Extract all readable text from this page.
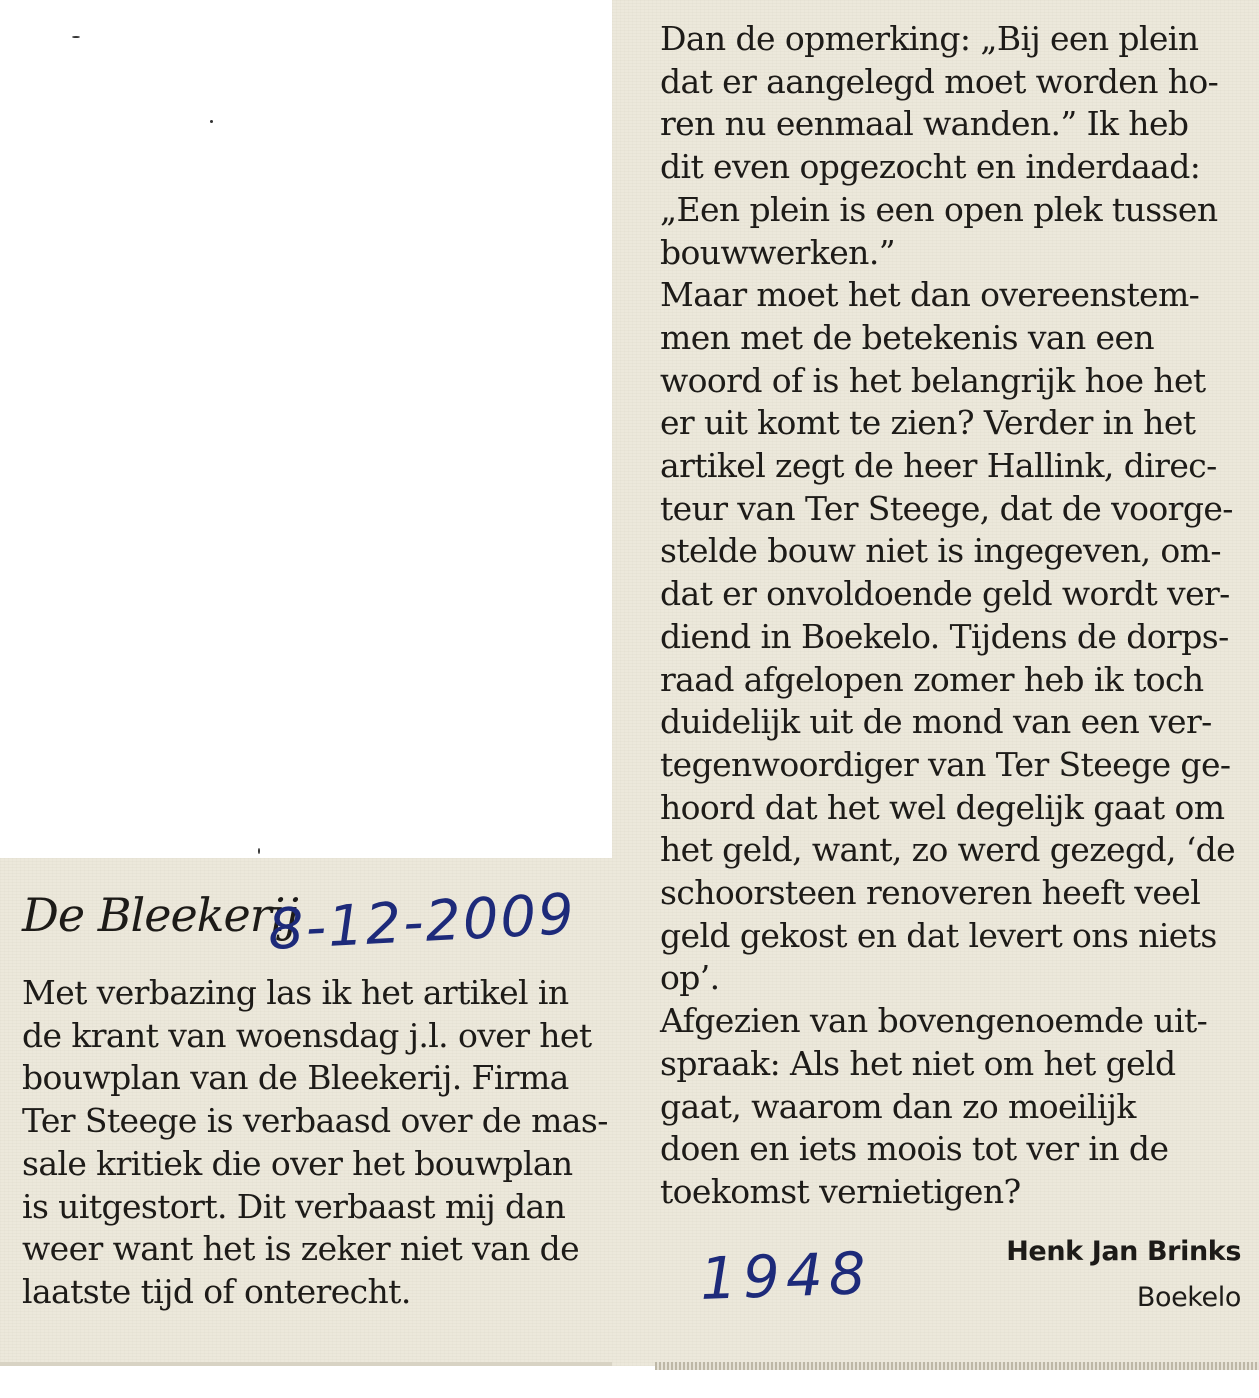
Dan de opmerking: „Bij een plein
dat er aangelegd moet worden ho-
ren nu eenmaal wanden.” Ik heb
dit even opgezocht en inderdaad:
„Een plein is een open plek tussen
bouwwerken.”
Maar moet het dan overeenstem-
men met de betekenis van een
woord of is het belangrijk hoe het
er uit komt te zien? Verder in het
artikel zegt de heer Hallink, direc-
teur van Ter Steege, dat de voorge-
stelde bouw niet is ingegeven, om-
dat er onvoldoende geld wordt ver-
diend in Boekelo. Tijdens de dorps-
raad afgelopen zomer heb ik toch
duidelijk uit de mond van een ver-
tegenwoordiger van Ter Steege ge-
hoord dat het wel degelijk gaat om
het geld, want, zo werd gezegd, ‘de
schoorsteen renoveren heeft veel
geld gekost en dat levert ons niets
op’.
Afgezien van bovengenoemde uit-
spraak: Als het niet om het geld
gaat, waarom dan zo moeilijk
doen en iets moois tot ver in de
toekomst vernietigen?
De Bleekerij
Met verbazing las ik het artikel in
de krant van woensdag j.l. over het
bouwplan van de Bleekerij. Firma
Ter Steege is verbaasd over de mas-
sale kritiek die over het bouwplan
is uitgestort. Dit verbaast mij dan
weer want het is zeker niet van de
laatste tijd of onterecht.
8-12-2009
1948	Henk Jan Brinks
Boekelo
